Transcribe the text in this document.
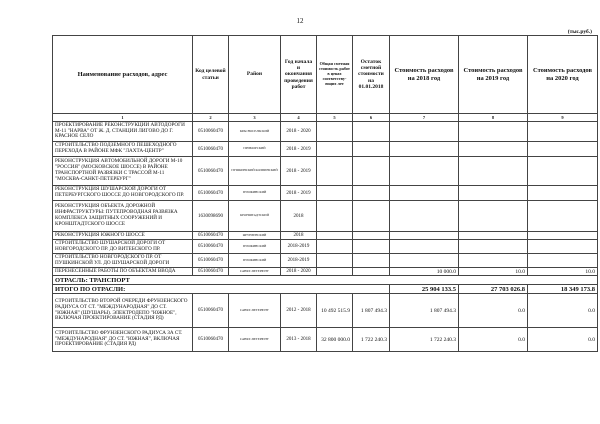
12
(тыс.руб.)
Наименование расходов, адрес	Код целевой статьи	Район	Год начала и окончания проведения работ	Общая сметная стоимость работ в ценах соответству-ющих лет	Остаток сметной стоимости на 01.01.2018	Стоимость расходов на 2018 год	Стоимость расходов на 2019 год	Стоимость расходов на 2020 год
1	2	3	4	5	6	7	8	9
ПРОЕКТИРОВАНИЕ РЕКОНСТРУКЦИИ АВТОДОРОГИ М-11 "НАРВА" ОТ Ж. Д. СТАНЦИИ ЛИГОВО ДО Г. КРАСНОЕ СЕЛО	0510060470	КРАСНОСЕЛЬСКИЙ	2018 - 2020					
СТРОИТЕЛЬСТВО ПОДЗЕМНОГО ПЕШЕХОДНОГО ПЕРЕХОДА В РАЙОНЕ МФК "ЛАХТА-ЦЕНТР"	0510060470	ПРИМОРСКИЙ	2018 - 2019					
РЕКОНСТРУКЦИЯ АВТОМОБИЛЬНОЙ ДОРОГИ М-10 "РОССИЯ" (МОСКОВСКОЕ ШОССЕ) В РАЙОНЕ ТРАНСПОРТНОЙ РАЗВЯЗКИ С ТРАССОЙ М-11 "МОСКВА-САНКТ-ПЕТЕРБУРГ"	0510060470	ПУШКИНСКИЙ КОЛПИНСКИЙ	2018 - 2019					
РЕКОНСТРУКЦИЯ ШУШАРСКОЙ ДОРОГИ ОТ ПЕТЕРБУРГСКОГО ШОССЕ ДО НОВГОРОДСКОГО ПР.	0510060470	ПУШКИНСКИЙ	2018 - 2019					
РЕКОНСТРУКЦИЯ ОБЪЕКТА ДОРОЖНОЙ ИНФРАСТРУКТУРЫ: ПУТЕПРОВОДНАЯ РАЗВЯЗКА КОМПЛЕКСА ЗАЩИТНЫХ СООРУЖЕНИЙ И КРОНШТАДТСКОГО ШОССЕ	1630098690	КРОНШТАДТСКИЙ	2018					
РЕКОНСТРУКЦИЯ ЮЖНОГО ШОССЕ	0510060470	ФРУНЗЕНСКИЙ	2018					
СТРОИТЕЛЬСТВО ШУШАРСКОЙ ДОРОГИ ОТ НОВГОРОДСКОГО ПР. ДО ВИТЕБСКОГО ПР.	0510060470	ПУШКИНСКИЙ	2018-2019					
СТРОИТЕЛЬСТВО НОВГОРОДСКОГО ПР. ОТ ПУШКИНСКОЙ УЛ. ДО ШУШАРСКОЙ ДОРОГИ	0510060470	ПУШКИНСКИЙ	2018-2019					
ПЕРЕНЕСЕННЫЕ РАБОТЫ ПО ОБЪЕКТАМ ВВОДА	0510060470	САНКТ-ПЕТЕРБУРГ	2018 - 2020			10 000.0	10.0	10.0
ОТРАСЛЬ: ТРАНСПОРТ								
ИТОГО ПО ОТРАСЛИ:						25 904 133.5	27 703 026.8	18 349 173.8
СТРОИТЕЛЬСТВО ВТОРОЙ ОЧЕРЕДИ ФРУНЗЕНСКОГО РАДИУСА ОТ СТ. "МЕЖДУНАРОДНАЯ" ДО СТ. "ЮЖНАЯ" (ШУШАРЫ). ЭЛЕКТРОДЕПО "ЮЖНОЕ", ВКЛЮЧАЯ ПРОЕКТИРОВАНИЕ (СТАДИЯ РД)	0510060470	САНКТ-ПЕТЕРБУРГ	2012 - 2018	10 492 515.9	1 807 494.3	1 807 494.3	0.0	0.0
СТРОИТЕЛЬСТВО ФРУНЗЕНСКОГО РАДИУСА ЗА СТ. "МЕЖДУНАРОДНАЯ" ДО СТ. "ЮЖНАЯ", ВКЛЮЧАЯ ПРОЕКТИРОВАНИЕ (СТАДИЯ РД)	0510060470	САНКТ-ПЕТЕРБУРГ	2013 - 2018	32 800 000.0	1 722 240.3	1 722 240.3	0.0	0.0
